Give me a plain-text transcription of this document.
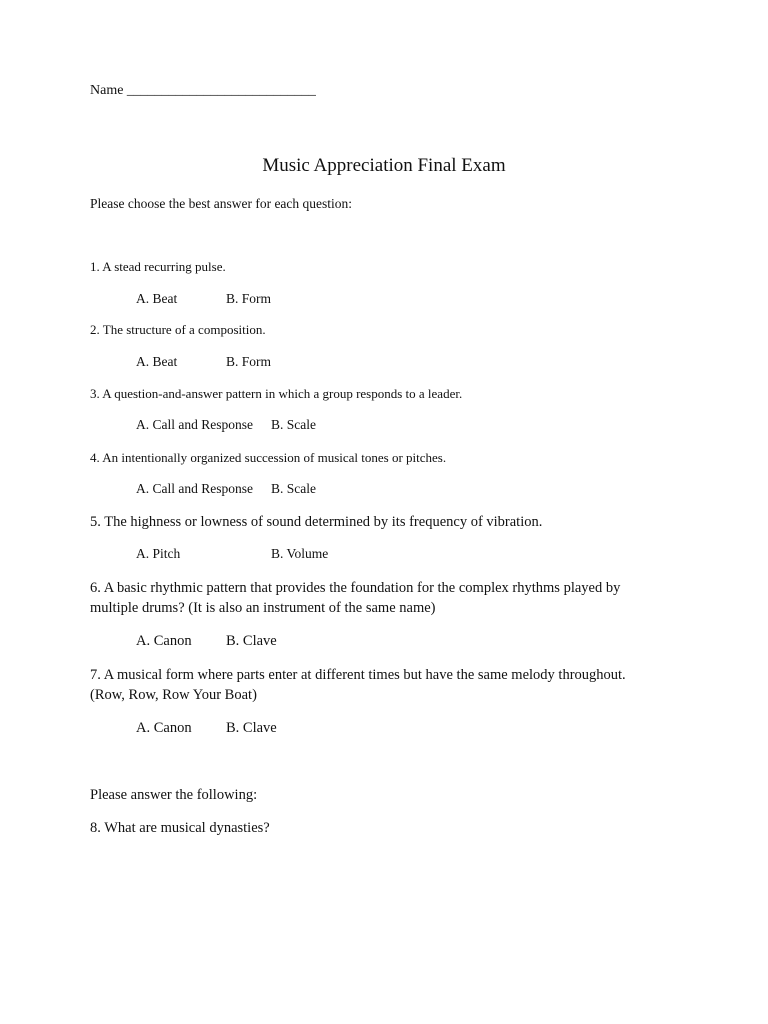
Name ___________________________
Music Appreciation Final Exam
Please choose the best answer for each question:
1. A stead recurring pulse.
A. Beat	B. Form
2. The structure of a composition.
A. Beat	B. Form
3. A question-and-answer pattern in which a group responds to a leader.
A. Call and Response B. Scale
4. An intentionally organized succession of musical tones or pitches.
A. Call and Response B. Scale
5. The highness or lowness of sound determined by its frequency of vibration.
A. Pitch	B. Volume
6. A basic rhythmic pattern that provides the foundation for the complex rhythms played by multiple drums? (It is also an instrument of the same name)
A. Canon B. Clave
7. A musical form where parts enter at different times but have the same melody throughout. (Row, Row, Row Your Boat)
A. Canon B. Clave
Please answer the following:
8. What are musical dynasties?
